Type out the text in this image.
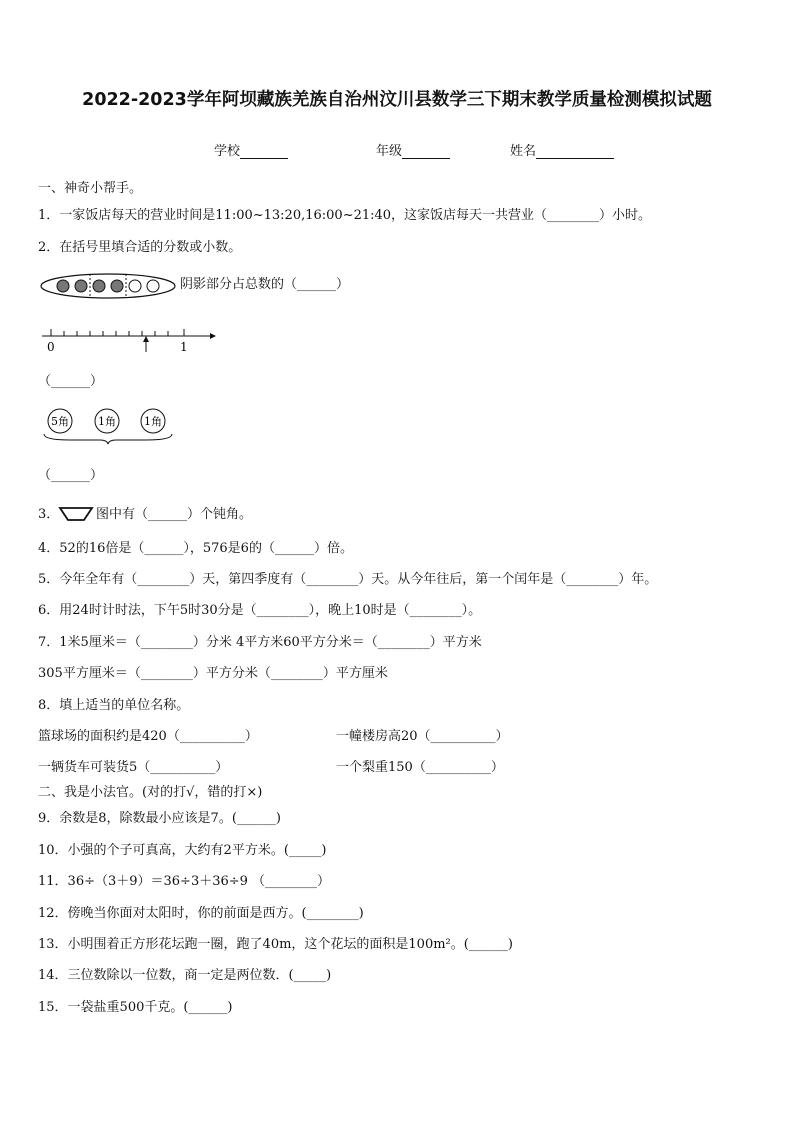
2022-2023学年阿坝藏族羌族自治州汶川县数学三下期末教学质量检测模拟试题
学校	年级	姓名
一、神奇小帮手。
1．一家饭店每天的营业时间是11:00~13:20,16:00~21:40，这家饭店每天一共营业（________）小时。
2．在括号里填合适的分数或小数。
阴影部分占总数的（______）
0	1
（______）
5角	1角	1角
（______）
3．	图中有（______）个钝角。
4．52的16倍是（______），576是6的（______）倍。
5．今年全年有（________）天，第四季度有（________）天。从今年往后，第一个闰年是（________）年。
6．用24时计时法，下午5时30分是（________），晚上10时是（________）。
7．1米5厘米＝（________）分米 4平方米60平方分米＝（________）平方米
305平方厘米＝（________）平方分米（________）平方厘米
8．填上适当的单位名称。
篮球场的面积约是420（__________）	一幢楼房高20（__________）
一辆货车可装货5（__________）	一个梨重150（__________）
二、我是小法官。(对的打√，错的打×)
9．余数是8，除数最小应该是7。(______)
10．小强的个子可真高，大约有2平方米。(_____)
11．36÷（3＋9）＝36÷3＋36÷9 （________）
12．傍晚当你面对太阳时，你的前面是西方。(________)
13．小明围着正方形花坛跑一圈，跑了40m，这个花坛的面积是100m²。(______)
14．三位数除以一位数，商一定是两位数．(_____)
15．一袋盐重500千克。(______)
